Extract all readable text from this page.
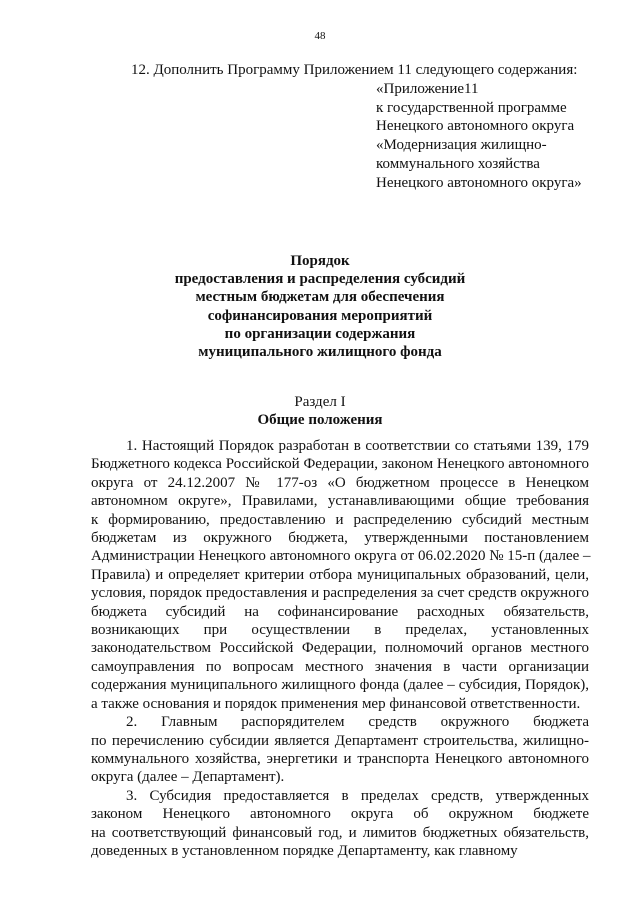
48
12. Дополнить Программу Приложением 11 следующего содержания:
«Приложение11
к государственной программе
Ненецкого автономного округа
«Модернизация жилищно-
коммунального хозяйства
Ненецкого автономного округа»
Порядок
предоставления и распределения субсидий
местным бюджетам для обеспечения
софинансирования мероприятий
по организации содержания
муниципального жилищного фонда
Раздел I
Общие положения

1. Настоящий Порядок разработан в соответствии со статьями 139, 179
Бюджетного кодекса Российской Федерации, законом Ненецкого автономного
округа от 24.12.2007 № 177-оз «О бюджетном процессе в Ненецком
автономном округе», Правилами, устанавливающими общие требования
к формированию, предоставлению и распределению субсидий местным
бюджетам из окружного бюджета, утвержденными постановлением
Администрации Ненецкого автономного округа от 06.02.2020 № 15-п (далее –
Правила) и определяет критерии отбора муниципальных образований, цели,
условия, порядок предоставления и распределения за счет средств окружного
бюджета субсидий на софинансирование расходных обязательств,
возникающих при осуществлении в пределах, установленных
законодательством Российской Федерации, полномочий органов местного
самоуправления по вопросам местного значения в части организации
содержания муниципального жилищного фонда (далее – субсидия, Порядок),
а также основания и порядок применения мер финансовой ответственности.

2. Главным распорядителем средств окружного бюджета
по перечислению субсидии является Департамент строительства, жилищно-
коммунального хозяйства, энергетики и транспорта Ненецкого автономного
округа (далее – Департамент).

3. Субсидия предоставляется в пределах средств, утвержденных
законом Ненецкого автономного округа об окружном бюджете
на соответствующий финансовый год, и лимитов бюджетных обязательств,
доведенных в установленном порядке Департаменту, как главному
